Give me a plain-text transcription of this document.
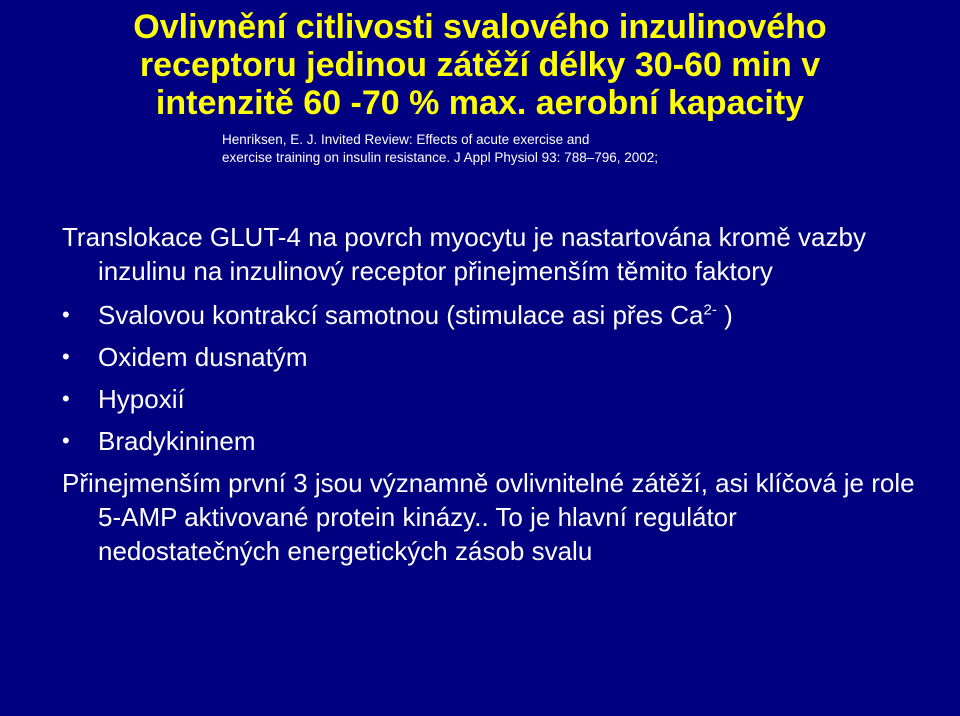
Ovlivnění citlivosti svalového inzulinového
receptoru jedinou zátěží délky 30-60 min v
intenzitě 60 -70 % max. aerobní kapacity
Henriksen, E. J. Invited Review: Effects of acute exercise and
exercise training on insulin resistance. J Appl Physiol 93: 788–796, 2002;
Translokace GLUT-4 na povrch myocytu je nastartována kromě vazby inzulinu na inzulinový receptor přinejmenším těmito faktory
•	Svalovou kontrakcí samotnou (stimulace asi přes $Ca^{2-}$ )
•	Oxidem dusnatým
•	Hypoxií
•	Bradykininem
Přinejmenším první 3 jsou významně ovlivnitelné zátěží, asi klíčová je role 5-AMP aktivované protein kinázy.. To je hlavní regulátor nedostatečných energetických zásob svalu
